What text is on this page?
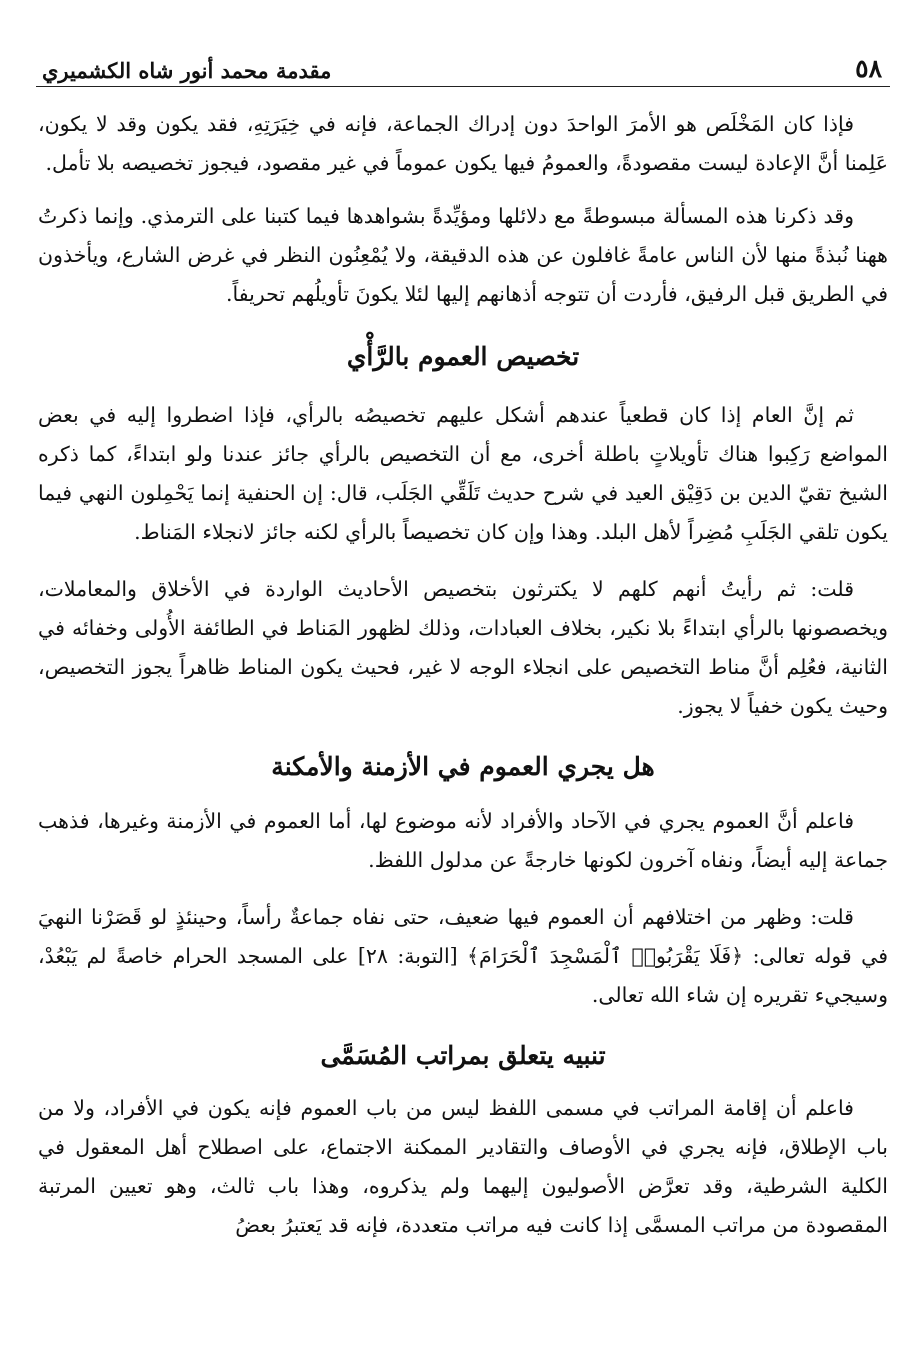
٥٨
مقدمة محمد أنور شاه الكشميري

فإذا كان المَخْلَص هو الأمرَ الواحدَ دون إدراك الجماعة، فإنه في خِيَرَتِهِ، فقد يكون وقد لا يكون، عَلِمنا أنَّ الإعادة ليست مقصودةً، والعمومُ فيها يكون عموماً في غير مقصود، فيجوز تخصيصه بلا تأمل.

وقد ذكرنا هذه المسألة مبسوطةً مع دلائلها ومؤيِّدةً بشواهدها فيما كتبنا على الترمذي. وإنما ذكرتُ ههنا نُبذةً منها لأن الناس عامةً غافلون عن هذه الدقيقة، ولا يُمْعِنُون النظر في غرض الشارع، ويأخذون في الطريق قبل الرفيق، فأردت أن تتوجه أذهانهم إليها لئلا يكونَ تأويلُهم تحريفاً.

تخصيص العموم بالرَّأْي

ثم إنَّ العام إذا كان قطعياً عندهم أشكل عليهم تخصيصُه بالرأي، فإذا اضطروا إليه في بعض المواضع رَكِبوا هناك تأويلاتٍ باطلة أخرى، مع أن التخصيص بالرأي جائز عندنا ولو ابتداءً، كما ذكره الشيخ تقيّ الدين بن دَقِيْق العيد في شرح حديث تَلَقِّي الجَلَب، قال: إن الحنفية إنما يَحْمِلون النهي فيما يكون تلقي الجَلَبِ مُضِراً لأهل البلد. وهذا وإن كان تخصيصاً بالرأي لكنه جائز لانجلاء المَناط.

قلت: ثم رأيتُ أنهم كلهم لا يكترثون بتخصيص الأحاديث الواردة في الأخلاق والمعاملات، ويخصصونها بالرأي ابتداءً بلا نكير، بخلاف العبادات، وذلك لظهور المَناط في الطائفة الأُولى وخفائه في الثانية، فعُلِم أنَّ مناط التخصيص على انجلاء الوجه لا غير، فحيث يكون المناط ظاهراً يجوز التخصيص، وحيث يكون خفياً لا يجوز.

هل يجري العموم في الأزمنة والأمكنة

فاعلم أنَّ العموم يجري في الآحاد والأفراد لأنه موضوع لها، أما العموم في الأزمنة وغيرها، فذهب جماعة إليه أيضاً، ونفاه آخرون لكونها خارجةً عن مدلول اللفظ.

قلت: وظهر من اختلافهم أن العموم فيها ضعيف، حتى نفاه جماعةٌ رأساً، وحينئذٍ لو قَصَرْنا النهيَ في قوله تعالى: ﴿فَلَا يَقْرَبُوا۟ ٱلْمَسْجِدَ ٱلْحَرَامَ﴾ [التوبة: ٢٨] على المسجد الحرام خاصةً لم يَبْعُدْ، وسيجيء تقريره إن شاء الله تعالى.

تنبيه يتعلق بمراتب المُسَمَّى

فاعلم أن إقامة المراتب في مسمى اللفظ ليس من باب العموم فإنه يكون في الأفراد، ولا من باب الإطلاق، فإنه يجري في الأوصاف والتقادير الممكنة الاجتماع، على اصطلاح أهل المعقول في الكلية الشرطية، وقد تعرَّض الأصوليون إليهما ولم يذكروه، وهذا باب ثالث، وهو تعيين المرتبة المقصودة من مراتب المسمَّى إذا كانت فيه مراتب متعددة، فإنه قد يَعتبرُ بعضُ
